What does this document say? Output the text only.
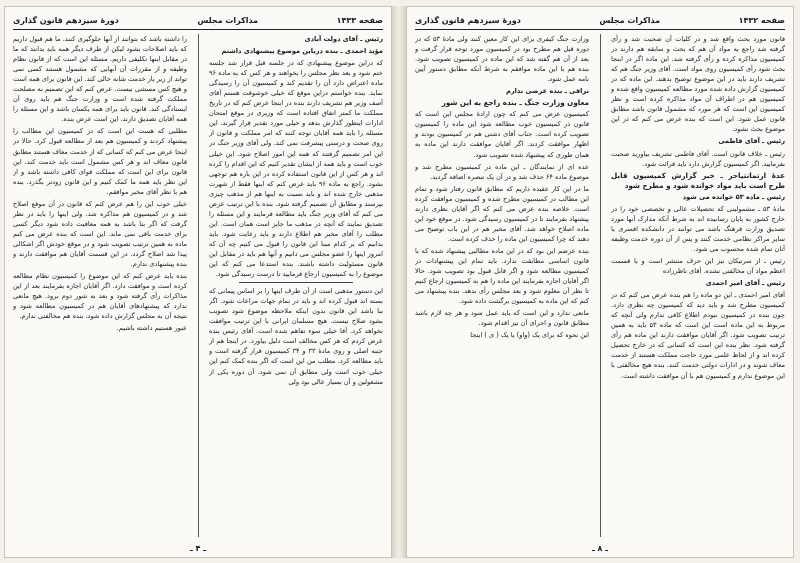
صفحه ۱۴۳۳
مذاکرات مجلس
دورهٔ سیزدهم قانون گذاری

رئیس ـ آقای دولت آبادی

مؤید احمدی ـ بنده درباین موضوع پیشنهادی داشتم

که دراین موضوع پیشنهادی که در جلسه قبل قرار شد جلسه ختم شود و بعد نظر مجلس را بخواهند و هر کس که به ماده ۹۶ ماده اعتراض دارد آن را تقدیم کند و کمیسیون آن را رسیدگی نماید. بنده خواستم دراین موقع که خیلی خوشوقت هستم آقای آصف وزیر هم تشریف دارند بنده در اینجا عرض کنم که در تاریخ مملکت ما کمتر اتفاق افتاده است که وزیری در موقع امتحان ادارات اینطور گذارش بدهد و خیلی مورد تقدیر قرار گیرند. این مسئله را باید همه آقایان توجه کنند که امر مملکت و قانون از روی صحت و درستی پیشرفت نمی کند. ولی آقای وزیر جنگ در این امر تصمیم گرفتند که همه این امور اصلاح شود. این خیلی خوب است و باید همه از ایشان تقدیر کنیم که این اقدام را کرده اند و هر کس از این قانون استفاده کرده در این باره هم توجهی بشود. راجع به ماده ۹۶ باید عرض کنم که اینها فقط از شهرت مذهبی خارج شده اند و باید نسبت به اینها هم از مذهب چیزی بپرسند و مطابق آن تصمیم گرفته شود. بنده با این ترتیب عرض می کنم که آقای وزیر جنگ باید مطالعه فرمایند و این مسئله را تصدیق نمایند که آنچه در مذهب ما جایز است همان است. این مطلب را آقای مخبر هم اطلاع دارند و باید رعایت شود. باید بدانیم که بر کدام مبنا این قانون را قبول می کنیم چه آن که امروز اینها را عضو مجلس می دانیم و آنها هم باید در مقابل این قانون مسئولیت داشته باشند. بنده استدعا می کنم که این موضوع را به کمیسیون ارجاع فرمایید تا درست رسیدگی شود.

این دستور مذهبی است از آن طرف اینها را بر اساس پیمانی که بسته اند قبول کرده اند و باید در تمام جهات مراعات شود. اگر بنا باشد این قانون بدون اینکه ملاحظه موضوع شود تصویب بشود صلاح نیست. هیچ مسلمان ایرانی با این ترتیب موافقت نخواهد کرد. آقا خیلی سوء تفاهم شده است. آقای رئیس بنده عرض کردم که هر کس مخالف است دلیل بیاورد. در اینجا هم از جنبه اصلی و روی مادهٔ ۳۳ و ۳۴ کمیسیون قرار گرفته است و باید مطالعه کرد. مطلب من این است که اگر بنده کمک کنم این خیلی خوب است ولی مطابق آن نمی شود. آن دوره یکی از مشغولین و آن بسیار عالی بود ولی

را داشته باشد که بتوانند از آنها جلوگیری کنند. ما هم قبول داریم که باید اصلاحات بشود لیکن از طرف دیگر همه باید بدانند که ما در مقابل اینها تکلیفی داریم. مسئله این است که از قانون نظام وظیفه و از مقررات آن آنهایی که مشمول هستند کسی نمی تواند از زیر بار خدمت شانه خالی کند. این قانون برای همه است و هیچ کس مستثنی نیست. عرض کنم که این تصمیم به مصلحت مملکت گرفته شده است و وزارت جنگ هم باید روی آن ایستادگی کند. قانون باید برای همه یکسان باشد و این مسئله را همه آقایان تصدیق دارند. این است عرض بنده.

مطلبی که هست این است که در کمیسیون این مطالب را پیشنهاد کردند و کمیسیون هم بعد از مطالعه قبول کرد. حالا در اینجا عرض می کنم که کسانی که از خدمت معاف هستند مطابق قانون معاف اند و هر کس مشمول است باید خدمت کند. این قانون برای این است که مملکت قوای کافی داشته باشد و از این نظر باید همه ما کمک کنیم و این قانون زودتر بگذرد. بنده هم با نظر آقای مخبر موافقم.

خیلی خوب این را هم عرض کنم که قانون در آن موقع اصلاح شد و در کمیسیون هم مذاکره شد. ولی اینها را باید در نظر گرفت که اگر بنا باشد به همه معافیت داده شود دیگر کسی برای خدمت باقی نمی ماند. این است که بنده عرض می کنم ماده به همین ترتیب تصویب شود و در موقع خودش اگر اشکالی پیدا شد اصلاح گردد. در این قسمت آقایان هم موافقت دارند و بنده پیشنهادی ندارم.

بنده باید عرض کنم که این موضوع را کمیسیون نظام مطالعه کرده است و موافقت دارد. اگر آقایان اجازه بفرمایند بعد از این مذاکرات رأی گرفته شود و بعد به شور دوم برود. هیچ مانعی ندارد که پیشنهادهای آقایان هم در کمیسیون مطالعه شود و نتیجه آن به مجلس گزارش داده شود. بنده هم مخالفتی ندارم.

عبور هستیم داشته باشیم.

ـ ۴ ـ
صفحه ۱۴۳۲
مذاکرات مجلس
دورهٔ سیزدهم قانون گذاری

قانون مورد بحث واقع شد و در کلیات آن صحبت شد و رأی گرفته شد راجع به مواد آن هم که بحث و سابقه هم دارند در کمیسیون مذاکره کرده و رأی گرفته شد. این ماده اگر در اینجا بحث شود رأی کمیسیون روی مواد است. آقای وزیر جنگ هم که تشریف دارند باید در این موضوع توضیح بدهند. این ماده که در کمیسیون گزارش داده شده مورد مطالعه کمیسیون واقع شده و کمیسیون هم در اطراف آن مواد مذاکره کرده است و نظر کمیسیون این است که هر مورد که مشمول قانون باشد مطابق قانون عمل شود. این است که بنده عرض می کنم که در این موضوع بحث نشود.

رئیس ـ آقای فاطمی

رئیس ـ خلاف قانون است. آقای فاطمی تشریف بیاورید صحبت بفرمایید. اگر کمیسیون گزارش دارد باید قرائت شود.

عدۀ ارتمانتیاحر ـ خبر گزارش کمیسیون قابل طرح است باید مواد خوانده شود و مطرح شود

رئیس ـ ماده ۵۳ خوانده می شود

مادهٔ ۵۳ ـ مشمولینی که تحصیلات عالی و تخصصی خود را در خارج کشور به پایان رسانیده اند به شرط آنکه مدارک آنها مورد تصدیق وزارت فرهنگ باشد می توانند در دانشکده افسری یا سایر مراکز نظامی خدمت کنند و پس از آن دوره خدمت وظیفه آنان تمام شده محسوب می شود.

رئیس ـ از سرتیکان نیز این حرف منتشر است و با قسمت اعظم مواد آن مخالفتی نشده. آقای ناظرزاده

رئیس ـ آقای امیر احمدی

آقای امیر احمدی ـ این دو ماده را هم بنده عرض می کنم که در کمیسیون مطرح شد و باید دید که کمیسیون چه نظری دارد. چون بنده در کمیسیون نبودم اطلاع کافی ندارم ولی آنچه که مربوط به این ماده است این است که ماده ۵۳ باید به همین ترتیب تصویب شود. اگر آقایان موافقت دارند این ماده هم رأی گرفته شود. نظر بنده این است که کسانی که در خارج تحصیل کرده اند و از لحاظ علمی مورد حاجت مملکت هستند از خدمت معاف شوند و در ادارات دولتی خدمت کنند. بنده هیچ مخالفتی با این موضوع ندارم و کمیسیون هم با آن موافقت داشته است.

وزارت جنگ کیفری برای این کار معین کنند ولی مادهٔ ۵۳ که در دوره قبل هم مطرح بود در کمیسیون مورد توجه قرار گرفت و بعد از آن هم گفته شد که این ماده در کمیسیون تصویب شود. بنده هم با این ماده موافقم به شرط آنکه مطابق دستور آیین نامه عمل شود.

نراقی ـ بنده عرضی ندارم

معاون وزارت جنگ ـ بنده راجع به این شور

کمیسیون عرض می کنم که چون ارادهٔ مجلس این است که قانون در کمیسیون خوب مطالعه شود این ماده را کمیسیون تصویب کرده است. جناب آقای دشتی هم در کمیسیون بودند و اظهار موافقت کردند. اگر آقایان موافقت دارند این ماده به همان طوری که پیشنهاد شده تصویب شود.

عده ای از نمایندگان ـ این ماده در کمیسیون مطرح شد و موضوع ماده ۶۴ حذف شد و در آن یک تبصره اضافه گردید.

ما در این کار عقیده داریم که مطابق قانون رفتار شود و تمام این مطالب در کمیسیون مطرح شده و کمیسیون موافقت کرده است. خلاصه بنده عرض می کنم که اگر آقایان نظری دارند پیشنهاد بفرمایند تا در کمیسیون رسیدگی شود. در موقع خود این ماده اصلاح خواهد شد. آقای مخبر هم در این باب توضیح می دهند که چرا کمیسیون این ماده را حذف کرده است.

بنده عرضم این بود که در این ماده مطالبی پیشنهاد شده که با قانون اساسی مطابقت ندارد. باید تمام این پیشنهادات در کمیسیون مطالعه شود و اگر قابل قبول بود تصویب شود. حالا اگر آقایان اجازه بفرمایند این ماده را هم به کمیسیون ارجاع کنیم تا نظر آن معلوم شود و بعد مجلس رأی بدهد. بنده پیشنهاد می کنم که این ماده به کمیسیون برگشت داده شود.

مانعی ندارد و این است که باید عمل شود و هر چه لازم باشد مطابق قانون و اجرای آن نیز اقدام شود.

این نحوه که برای یک (واو) یا یک ( ی ) اینجا

ـ ۸ ـ
